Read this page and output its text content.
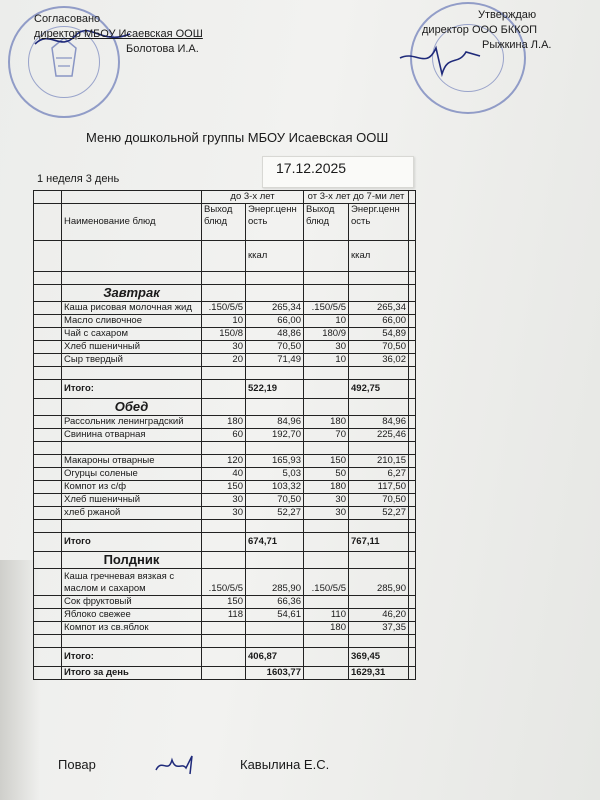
Согласовано
директор МБОУ Исаевская ООШ
Болотова И.А.
Утверждаю
директор ООО БККОП
Рыжкина Л.А.
Меню дошкольной группы МБОУ Исаевская ООШ
17.12.2025
1 неделя 3 день
		до 3-х лет		от 3-х лет до 7-ми лет		
	Наименование блюд	Выход блюд	Энерг.ценн ость	Выход блюд	Энерг.ценн ость	
			ккал		ккал	

	Завтрак					
	Каша рисовая молочная жид	.150/5/5	265,34	.150/5/5	265,34	
	Масло сливочное	10	66,00	10	66,00	
	Чай с сахаром	150/8	48,86	180/9	54,89	
	Хлеб пшеничный	30	70,50	30	70,50	
	Сыр твердый	20	71,49	10	36,02	

	Итого:		522,19		492,75	
	Обед					
	Рассольник ленинградский	180	84,96	180	84,96	
	Свинина отварная	60	192,70	70	225,46	

	Макароны отварные	120	165,93	150	210,15	
	Огурцы соленые	40	5,03	50	6,27	
	Компот из с/ф	150	103,32	180	117,50	
	Хлеб пшеничный	30	70,50	30	70,50	
	хлеб ржаной	30	52,27	30	52,27	

	Итого		674,71		767,11	
	Полдник					

	Каша гречневая вязкая с
маслом и сахаром	.150/5/5	285,90	.150/5/5	285,90	
	Сок фруктовый	150	66,36			
	Яблоко свежее	118	54,61	110	46,20	
	Компот из св.яблок			180	37,35	

	Итого:		406,87		369,45	
	Итого за день		1603,77		1629,31	
Повар	Кавылина Е.С.
